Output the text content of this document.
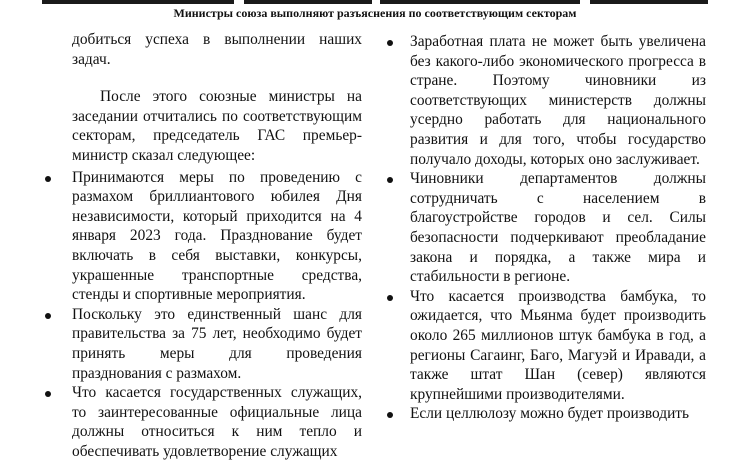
Министры союза выполняют разъяснения по соответствующим секторам

добиться успеха в выполнении наших задач.

После этого союзные министры на заседании отчитались по соответствующим секторам, председатель ГАС премьер-министр сказал следующее:

Принимаются меры по проведению с размахом бриллиантового юбилея Дня независимости, который приходится на 4 января 2023 года. Празднование будет включать в себя выставки, конкурсы, украшенные транспортные средства, стенды и спортивные мероприятия.

Поскольку это единственный шанс для правительства за 75 лет, необходимо будет принять меры для проведения празднования с размахом.

Что касается государственных служащих, то заинтересованные официальные лица должны относиться к ним тепло и обеспечивать удовлетворение служащих

Заработная плата не может быть увеличена без какого-либо экономического прогресса в стране. Поэтому чиновники из соответствующих министерств должны усердно работать для национального развития и для того, чтобы государство получало доходы, которых оно заслуживает.

Чиновники департаментов должны сотрудничать с населением в благоустройстве городов и сел. Силы безопасности подчеркивают преобладание закона и порядка, а также мира и стабильности в регионе.

Что касается производства бамбука, то ожидается, что Мьянма будет производить около 265 миллионов штук бамбука в год, а регионы Сагаинг, Баго, Магуэй и Иравади, а также штат Шан (север) являются крупнейшими производителями.

Если целлюлозу можно будет производить
